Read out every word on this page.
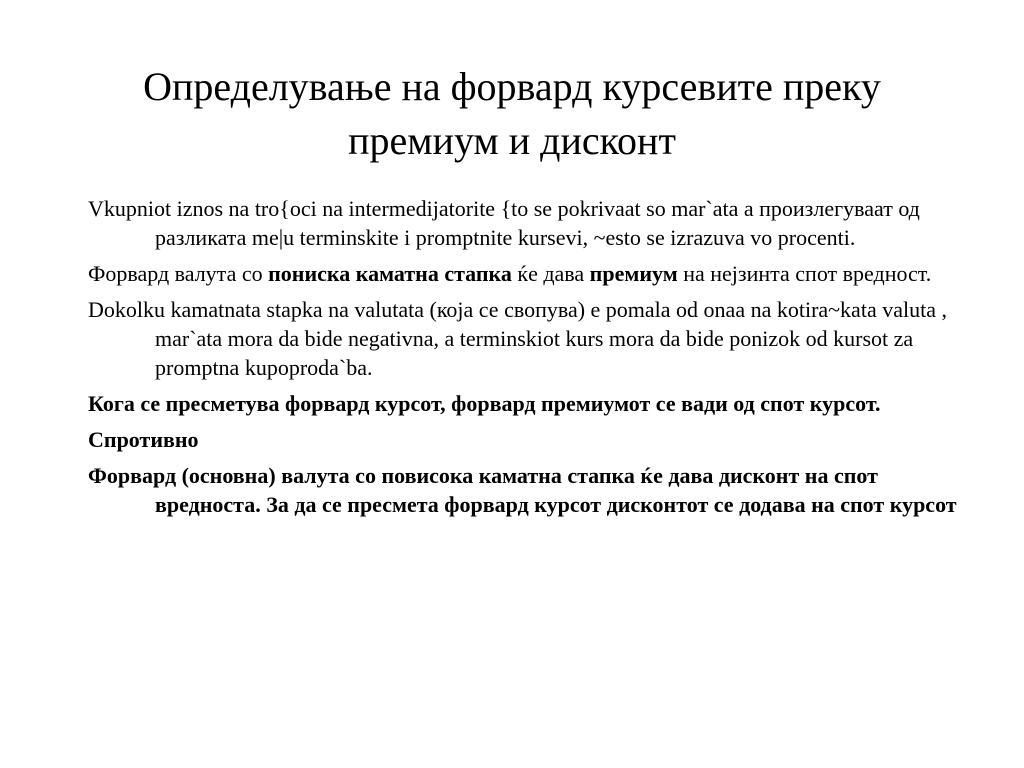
Определување на форвард курсевите преку
премиум и дисконт

Vkupniot iznos na tro{oci na intermedijatorite {to se pokrivaat so mar`ata a произлегуваат од разликата me|u terminskite i promptnite kursevi, ~esto se izrazuva vo procenti.

Форвард валута со пониска каматна стапка ќе дава премиум на нејзинта спот вредност.

Dokolku kamatnata stapka na valutata (која се свопува) е pomala od onaa na kotira~kata valuta , mar`ata mora da bide negativna, a terminskiot kurs mora da bide ponizok od kursot za promptna kupoproda`ba.

Кога се пресметува форвард курсот, форвард премиумот се вади од спот курсот.

Спротивно

Форвард (основна) валута со повисока каматна стапка ќе дава дисконт на спот вредноста. За да се пресмета форвард курсот дисконтот се додава на спот курсот
